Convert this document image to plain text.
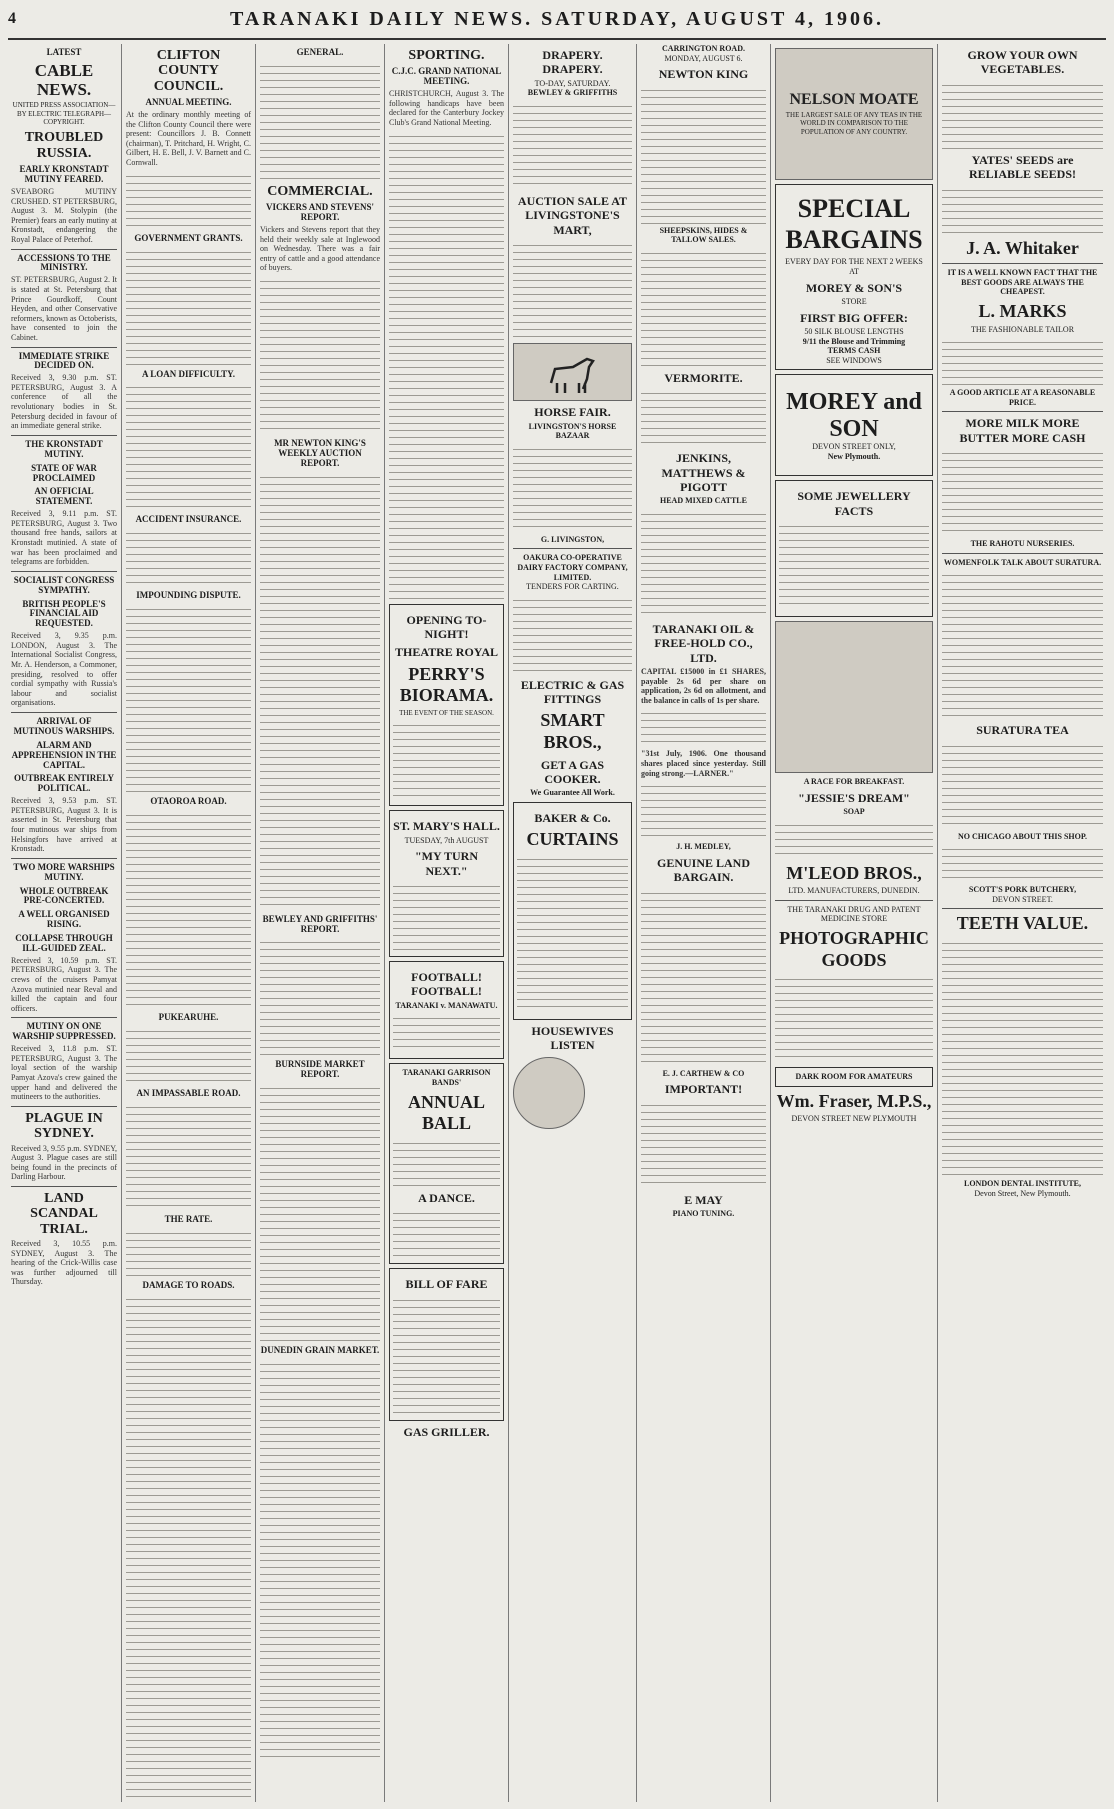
4	TARANAKI DAILY NEWS. SATURDAY, AUGUST 4, 1906.
LATEST
CABLE NEWS.
UNITED PRESS ASSOCIATION—BY ELECTRIC TELEGRAPH—COPYRIGHT.
TROUBLED RUSSIA.
EARLY KRONSTADT MUTINY FEARED.
SVEABORG MUTINY CRUSHED. ST PETERSBURG, August 3. M. Stolypin (the Premier) fears an early mutiny at Kronstadt, endangering the Royal Palace of Peterhof.
ACCESSIONS TO THE MINISTRY.
ST. PETERSBURG, August 2. It is stated at St. Petersburg that Prince Gourdkoff, Count Heyden, and other Conservative reformers, known as Octoberists, have consented to join the Cabinet.
IMMEDIATE STRIKE DECIDED ON.
Received 3, 9.30 p.m. ST. PETERSBURG, August 3. A conference of all the revolutionary bodies in St. Petersburg decided in favour of an immediate general strike.
THE KRONSTADT MUTINY.
STATE OF WAR PROCLAIMED
AN OFFICIAL STATEMENT.
Received 3, 9.11 p.m. ST. PETERSBURG, August 3. Two thousand free hands, sailors at Kronstadt mutinied. A state of war has been proclaimed and telegrams are forbidden.
SOCIALIST CONGRESS SYMPATHY.
BRITISH PEOPLE'S FINANCIAL AID REQUESTED.
Received 3, 9.35 p.m. LONDON, August 3. The International Socialist Congress, Mr. A. Henderson, a Commoner, presiding, resolved to offer cordial sympathy with Russia's labour and socialist organisations.
ARRIVAL OF MUTINOUS WARSHIPS.
ALARM AND APPREHENSION IN THE CAPITAL.
OUTBREAK ENTIRELY POLITICAL.
Received 3, 9.53 p.m. ST. PETERSBURG, August 3. It is asserted in St. Petersburg that four mutinous war ships from Helsingfors have arrived at Kronstadt.
TWO MORE WARSHIPS MUTINY.
WHOLE OUTBREAK PRE-CONCERTED.
A WELL ORGANISED RISING.
COLLAPSE THROUGH ILL-GUIDED ZEAL.
Received 3, 10.59 p.m. ST. PETERSBURG, August 3. The crews of the cruisers Pamyat Azova mutinied near Reval and killed the captain and four officers.
MUTINY ON ONE WARSHIP SUPPRESSED.
Received 3, 11.8 p.m. ST. PETERSBURG, August 3. The loyal section of the warship Pamyat Azova's crew gained the upper hand and delivered the mutineers to the authorities.
PLAGUE IN SYDNEY.
Received 3, 9.55 p.m. SYDNEY, August 3. Plague cases are still being found in the precincts of Darling Harbour.
LAND SCANDAL TRIAL.
Received 3, 10.55 p.m. SYDNEY, August 3. The hearing of the Crick-Willis case was further adjourned till Thursday.
CLIFTON COUNTY COUNCIL.
ANNUAL MEETING.
At the ordinary monthly meeting of the Clifton County Council there were present: Councillors J. B. Connett (chairman), T. Pritchard, H. Wright, C. Gilbert, H. E. Bell, J. V. Barnett and C. Cornwall.
GOVERNMENT GRANTS.
A LOAN DIFFICULTY.
ACCIDENT INSURANCE.
IMPOUNDING DISPUTE.
OTAOROA ROAD.
PUKEARUHE.
AN IMPASSABLE ROAD.
THE RATE.
DAMAGE TO ROADS.
GENERAL.
COMMERCIAL.
VICKERS AND STEVENS' REPORT.
Vickers and Stevens report that they held their weekly sale at Inglewood on Wednesday. There was a fair entry of cattle and a good attendance of buyers.
MR NEWTON KING'S WEEKLY AUCTION REPORT.
BEWLEY AND GRIFFITHS' REPORT.
BURNSIDE MARKET REPORT.
DUNEDIN GRAIN MARKET.
SPORTING.
C.J.C. GRAND NATIONAL MEETING.
CHRISTCHURCH, August 3. The following handicaps have been declared for the Canterbury Jockey Club's Grand National Meeting.
OPENING TO-NIGHT!
THEATRE ROYAL
PERRY'S BIORAMA.
THE EVENT OF THE SEASON.
ST. MARY'S HALL.
TUESDAY, 7th AUGUST
"MY TURN NEXT."
FOOTBALL! FOOTBALL!
TARANAKI v. MANAWATU.
TARANAKI GARRISON BANDS'
ANNUAL BALL
A DANCE.
BILL OF FARE
GAS GRILLER.
DRAPERY. DRAPERY.
TO-DAY, SATURDAY.
BEWLEY & GRIFFITHS
AUCTION SALE AT LIVINGSTONE'S MART,
HORSE FAIR.
LIVINGSTON'S HORSE BAZAAR
G. LIVINGSTON,
OAKURA CO-OPERATIVE DAIRY FACTORY COMPANY, LIMITED.
TENDERS FOR CARTING.
ELECTRIC & GAS FITTINGS
SMART BROS.,
GET A GAS COOKER.
We Guarantee All Work.
BAKER & Co.
CURTAINS
HOUSEWIVES LISTEN
CARRINGTON ROAD.
MONDAY, AUGUST 6.
NEWTON KING
SHEEPSKINS, HIDES & TALLOW SALES.
VERMORITE.
JENKINS, MATTHEWS & PIGOTT
HEAD MIXED CATTLE
TARANAKI OIL & FREE-HOLD CO., LTD.
CAPITAL £15000 in £1 SHARES, payable 2s 6d per share on application, 2s 6d on allotment, and the balance in calls of 1s per share.
"31st July, 1906. One thousand shares placed since yesterday. Still going strong.—LARNER."
J. H. MEDLEY,
GENUINE LAND BARGAIN.
E. J. CARTHEW & CO
IMPORTANT!
E MAY
PIANO TUNING.
NELSON MOATE
THE LARGEST SALE OF ANY TEAS IN THE WORLD IN COMPARISON TO THE POPULATION OF ANY COUNTRY.
SPECIAL BARGAINS
EVERY DAY FOR THE NEXT 2 WEEKS
AT
MOREY & SON'S
STORE
FIRST BIG OFFER:
50 SILK BLOUSE LENGTHS
9/11 the Blouse and Trimming
TERMS CASH
SEE WINDOWS
MOREY and SON
DEVON STREET ONLY,
New Plymouth.
SOME JEWELLERY FACTS
A RACE FOR BREAKFAST.
"JESSIE'S DREAM"
SOAP
M'LEOD BROS.,
LTD. MANUFACTURERS, DUNEDIN.
THE TARANAKI DRUG AND PATENT MEDICINE STORE
PHOTOGRAPHIC GOODS
DARK ROOM FOR AMATEURS
Wm. Fraser, M.P.S.,
DEVON STREET NEW PLYMOUTH
GROW YOUR OWN VEGETABLES.
YATES' SEEDS are RELIABLE SEEDS!
J. A. Whitaker
IT IS A WELL KNOWN FACT THAT THE BEST GOODS ARE ALWAYS THE CHEAPEST.
L. MARKS
THE FASHIONABLE TAILOR
A GOOD ARTICLE AT A REASONABLE PRICE.
MORE MILK MORE BUTTER MORE CASH
THE RAHOTU NURSERIES.
WOMENFOLK TALK ABOUT SURATURA.
SURATURA TEA
NO CHICAGO ABOUT THIS SHOP.
SCOTT'S PORK BUTCHERY,
DEVON STREET.
TEETH VALUE.
LONDON DENTAL INSTITUTE,
Devon Street, New Plymouth.
